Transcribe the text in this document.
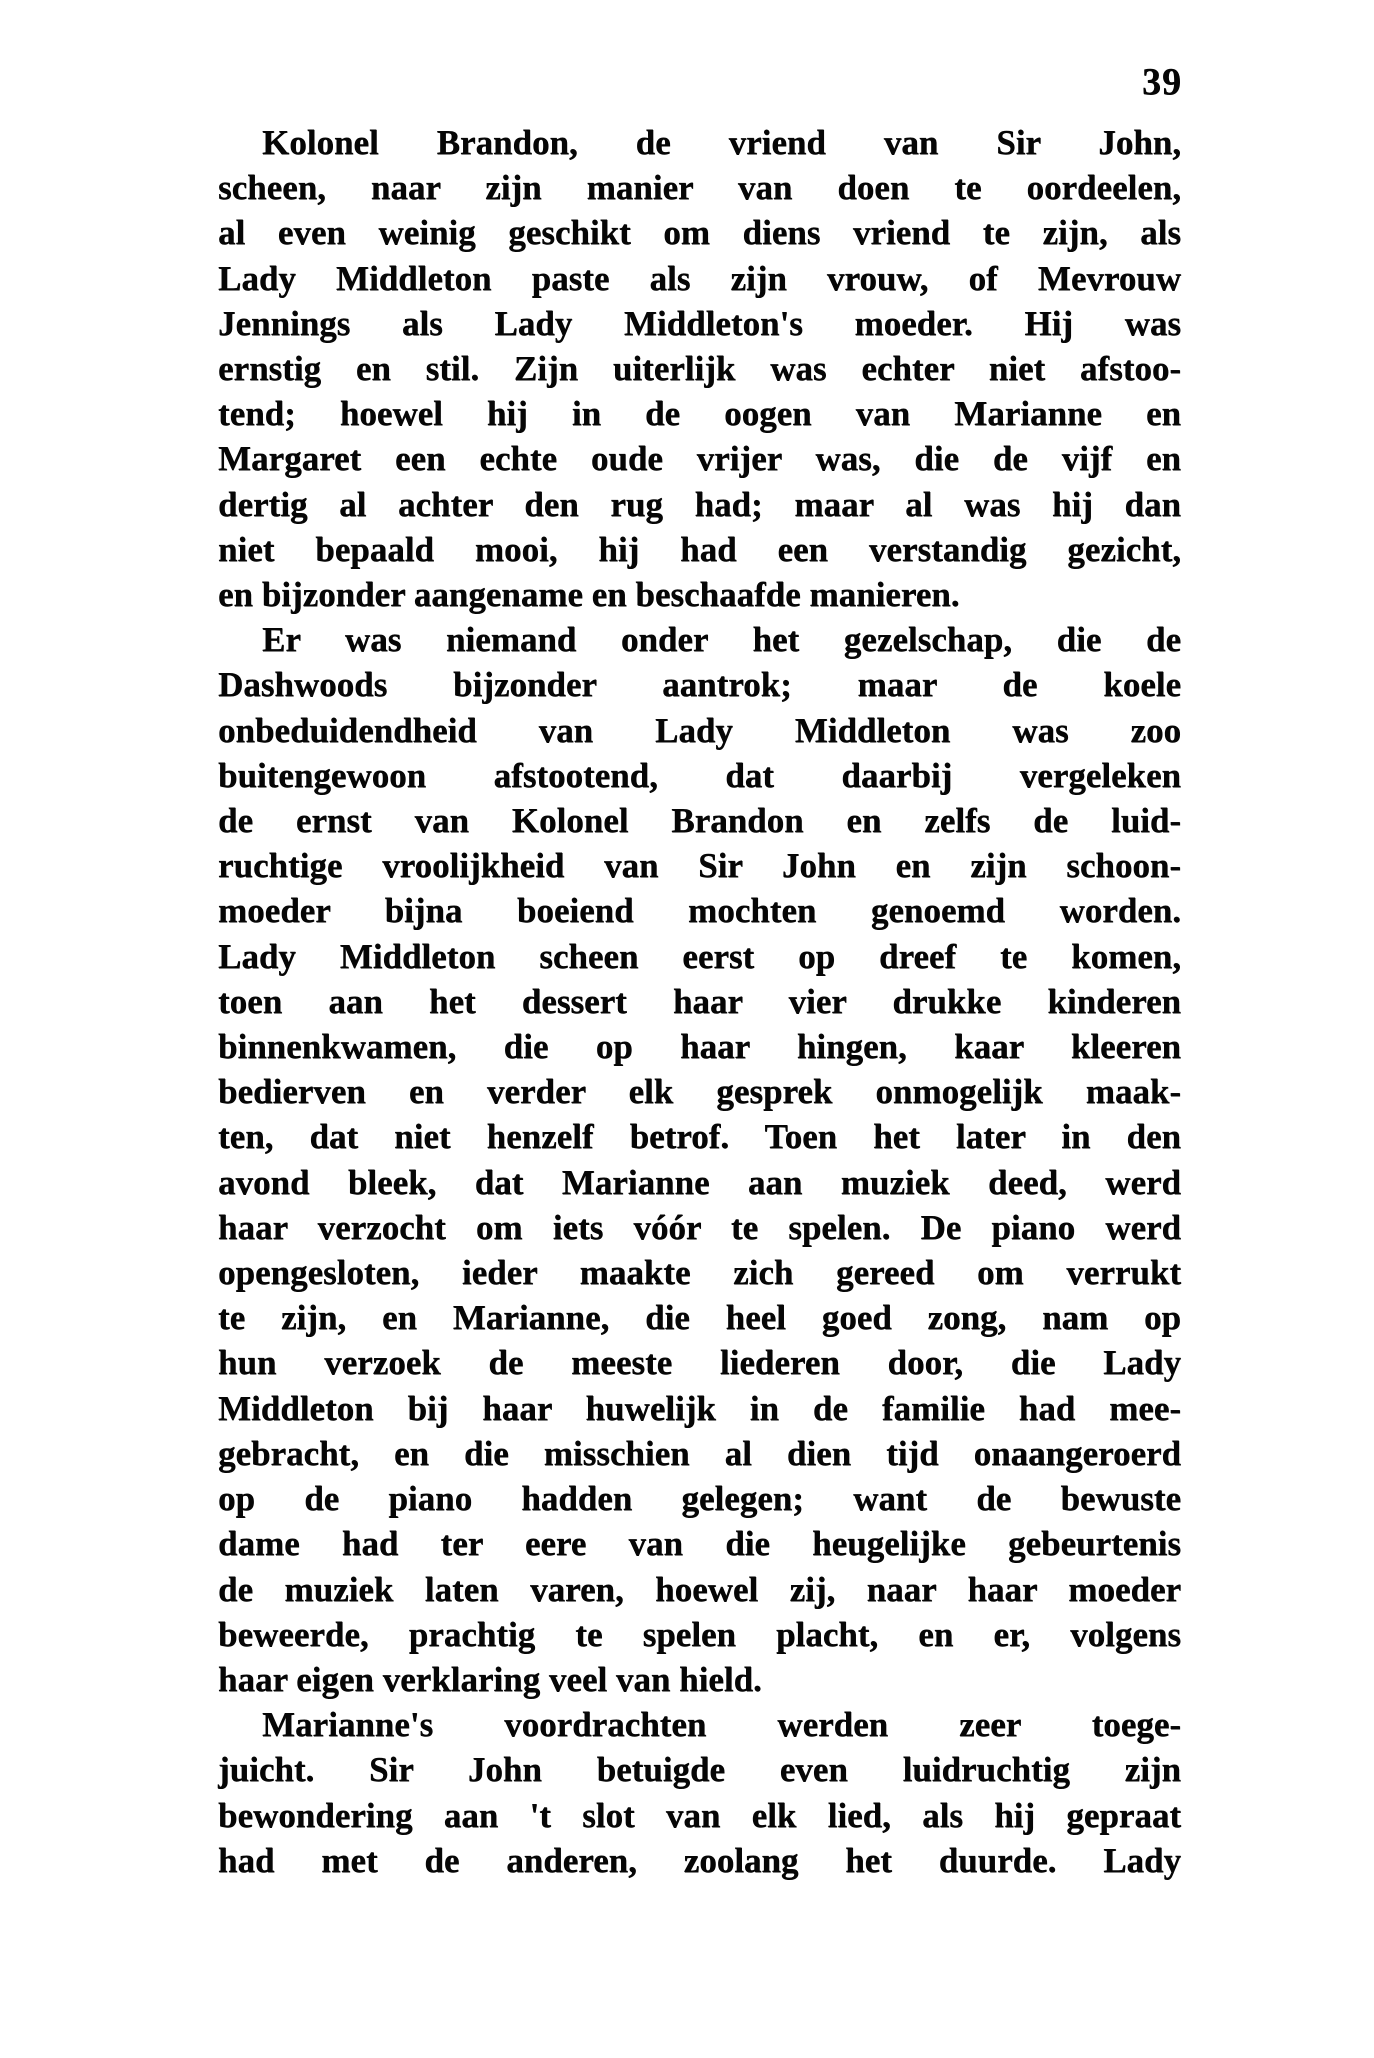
39
Kolonel Brandon, de vriend van Sir John,
scheen, naar zijn manier van doen te oordeelen,
al even weinig geschikt om diens vriend te zijn, als
Lady Middleton paste als zijn vrouw, of Mevrouw
Jennings als Lady Middleton's moeder. Hij was
ernstig en stil. Zijn uiterlijk was echter niet afstoo-
tend; hoewel hij in de oogen van Marianne en
Margaret een echte oude vrijer was, die de vijf en
dertig al achter den rug had; maar al was hij dan
niet bepaald mooi, hij had een verstandig gezicht,
en bijzonder aangename en beschaafde manieren.
Er was niemand onder het gezelschap, die de
Dashwoods bijzonder aantrok; maar de koele
onbeduidendheid van Lady Middleton was zoo
buitengewoon afstootend, dat daarbij vergeleken
de ernst van Kolonel Brandon en zelfs de luid-
ruchtige vroolijkheid van Sir John en zijn schoon-
moeder bijna boeiend mochten genoemd worden.
Lady Middleton scheen eerst op dreef te komen,
toen aan het dessert haar vier drukke kinderen
binnenkwamen, die op haar hingen, kaar kleeren
bedierven en verder elk gesprek onmogelijk maak-
ten, dat niet henzelf betrof. Toen het later in den
avond bleek, dat Marianne aan muziek deed, werd
haar verzocht om iets vóór te spelen. De piano werd
opengesloten, ieder maakte zich gereed om verrukt
te zijn, en Marianne, die heel goed zong, nam op
hun verzoek de meeste liederen door, die Lady
Middleton bij haar huwelijk in de familie had mee-
gebracht, en die misschien al dien tijd onaangeroerd
op de piano hadden gelegen; want de bewuste
dame had ter eere van die heugelijke gebeurtenis
de muziek laten varen, hoewel zij, naar haar moeder
beweerde, prachtig te spelen placht, en er, volgens
haar eigen verklaring veel van hield.
Marianne's voordrachten werden zeer toege-
juicht. Sir John betuigde even luidruchtig zijn
bewondering aan 't slot van elk lied, als hij gepraat
had met de anderen, zoolang het duurde. Lady
